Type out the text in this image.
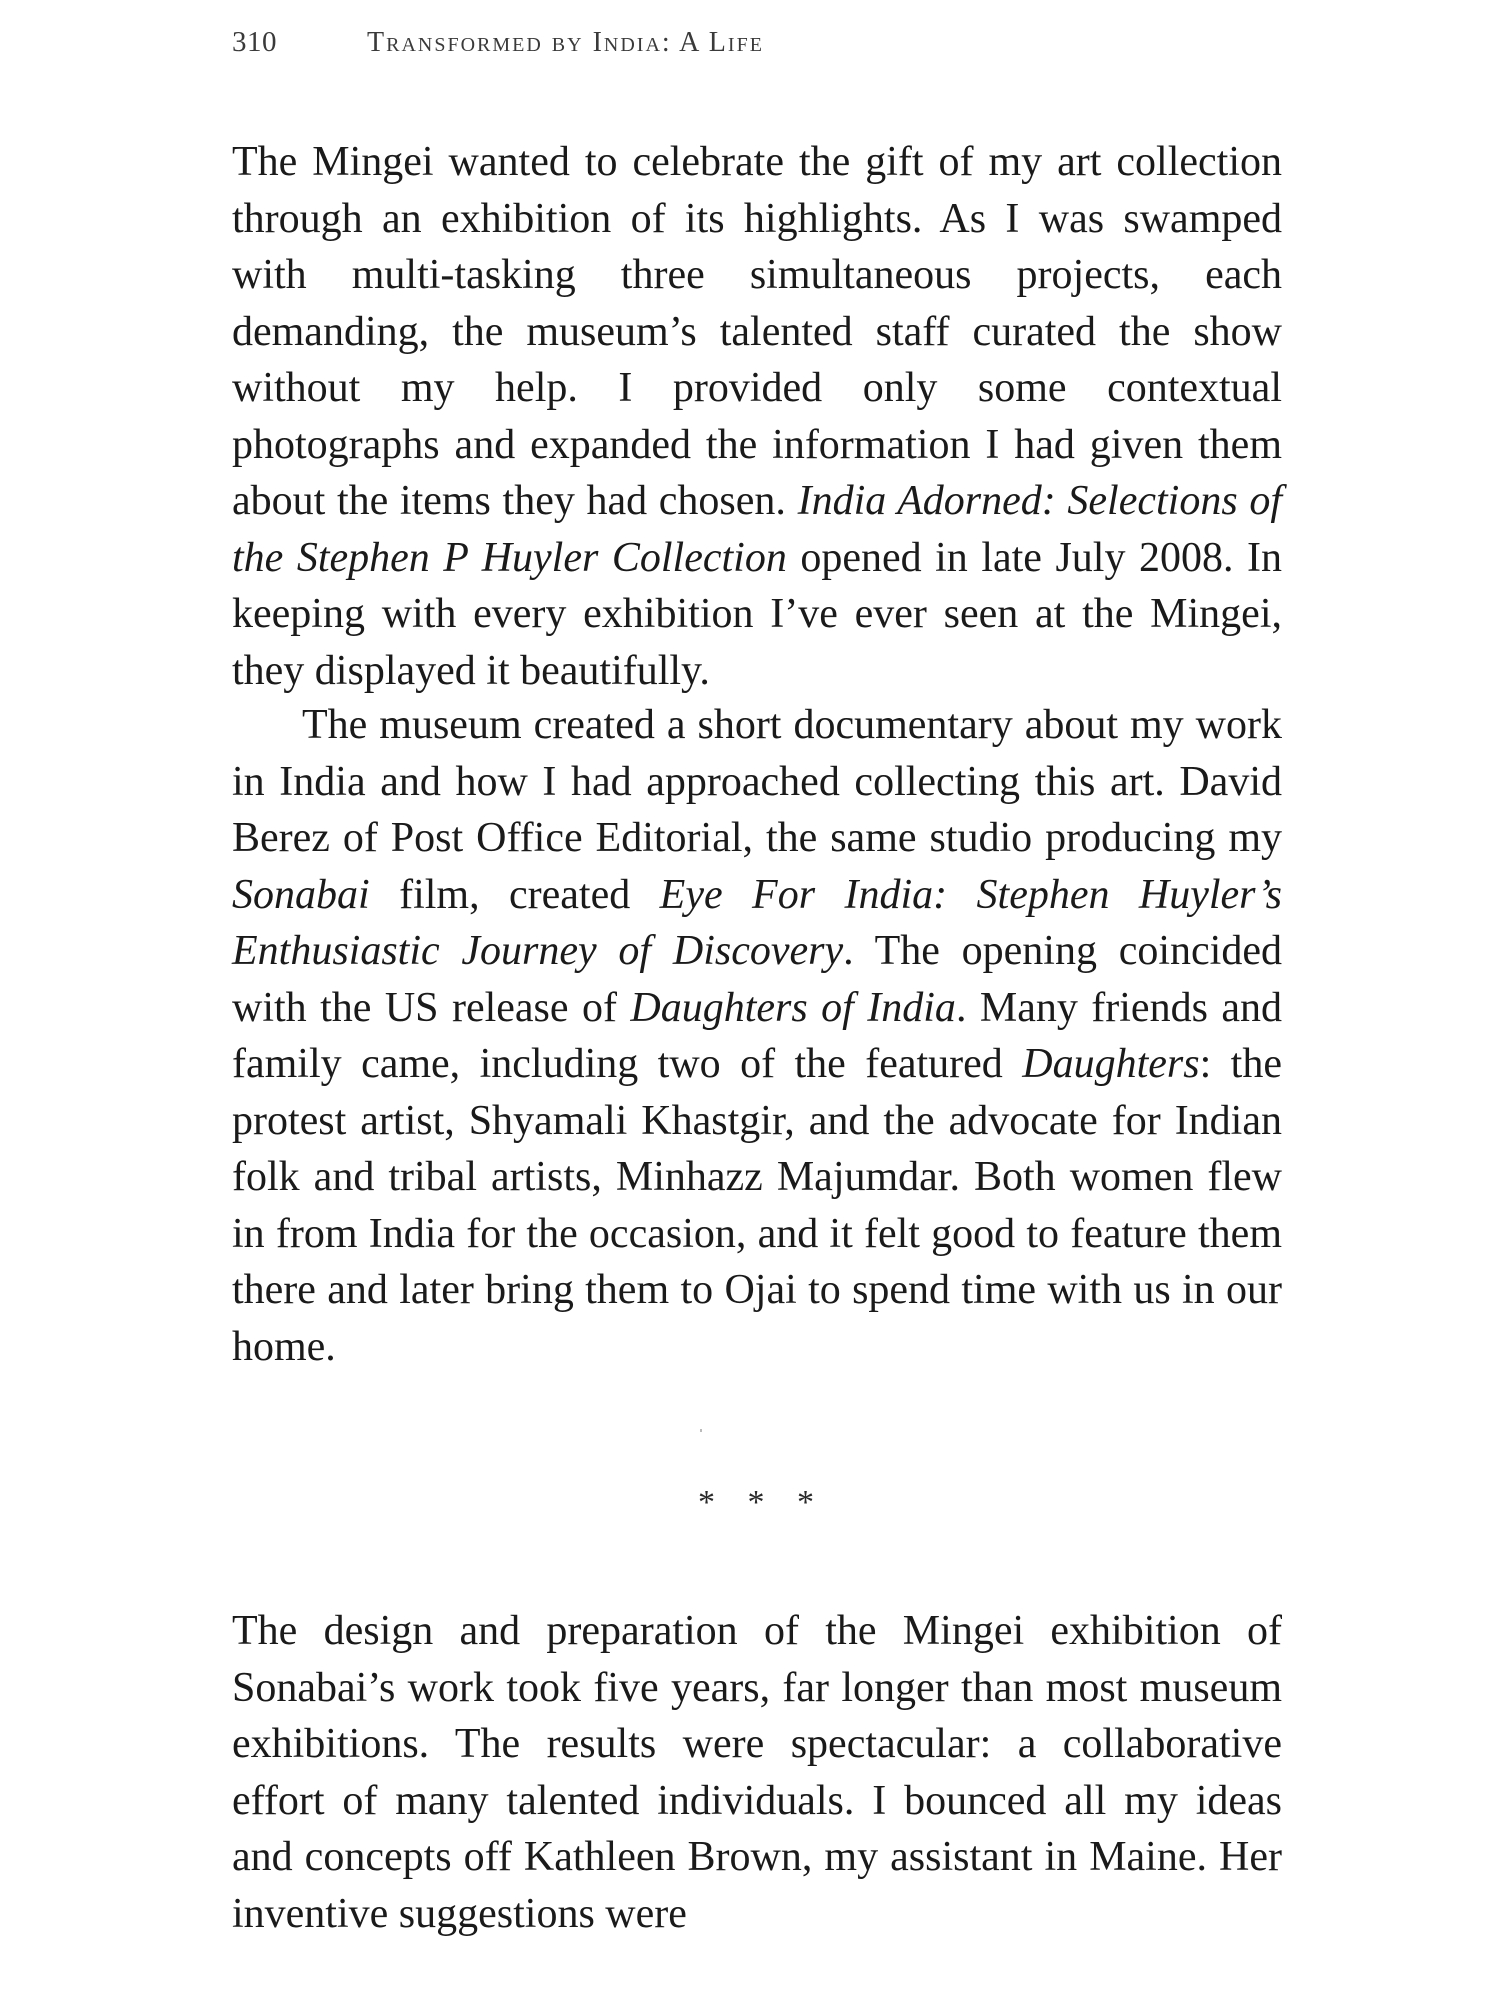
310	Transformed by India: A Life

The Mingei wanted to celebrate the gift of my art collection through an exhibition of its highlights. As I was swamped with multi-tasking three simultaneous projects, each demanding, the museum’s talented staff curated the show without my help. I provided only some contextual photographs and expanded the information I had given them about the items they had chosen. India Adorned: Selections of the Stephen P Huyler Collection opened in late July 2008. In keeping with every exhibition I’ve ever seen at the Mingei, they displayed it beautifully.

The museum created a short documentary about my work in India and how I had approached collecting this art. David Berez of Post Office Editorial, the same studio producing my Sonabai film, created Eye For India: Stephen Huyler’s Enthusiastic Journey of Discovery. The opening coincided with the US release of Daughters of India. Many friends and family came, including two of the featured Daughters: the protest artist, Shyamali Khastgir, and the advocate for Indian folk and tribal artists, Minhazz Majumdar. Both women flew in from India for the occasion, and it felt good to feature them there and later bring them to Ojai to spend time with us in our home.

* * *

The design and preparation of the Mingei exhibition of Sonabai’s work took five years, far longer than most museum exhibitions. The results were spectacular: a collaborative effort of many talented individuals. I bounced all my ideas and concepts off Kathleen Brown, my assistant in Maine. Her inventive suggestions were
